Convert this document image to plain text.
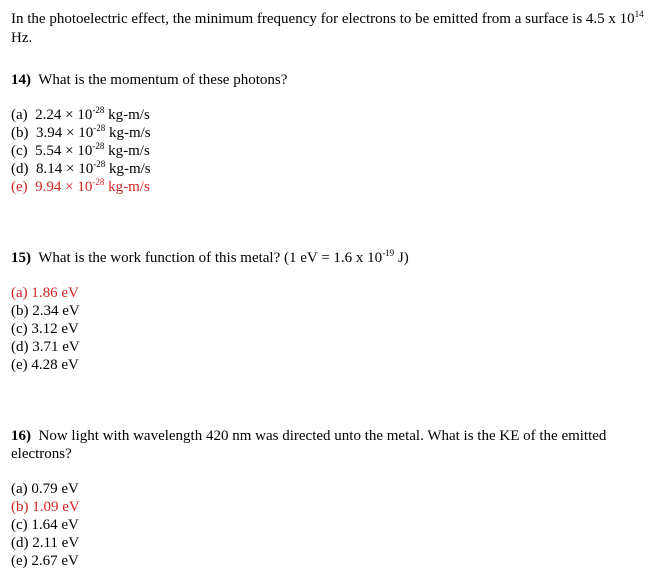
In the photoelectric effect, the minimum frequency for electrons to be emitted from a surface is 4.5 x $10^{14}$
Hz.
14) What is the momentum of these photons?
(a) $2.24 \times 10^{-28}$ kg-m/s
(b) $3.94 \times 10^{-28}$ kg-m/s
(c) $5.54 \times 10^{-28}$ kg-m/s
(d) $8.14 \times 10^{-28}$ kg-m/s
(e) $9.94 \times 10^{-28}$ kg-m/s
15) What is the work function of this metal? (1 eV = 1.6 x $10^{-19}$ J)
(a) 1.86 eV
(b) 2.34 eV
(c) 3.12 eV
(d) 3.71 eV
(e) 4.28 eV
16) Now light with wavelength 420 nm was directed unto the metal. What is the KE of the emitted
electrons?
(a) 0.79 eV
(b) 1.09 eV
(c) 1.64 eV
(d) 2.11 eV
(e) 2.67 eV
